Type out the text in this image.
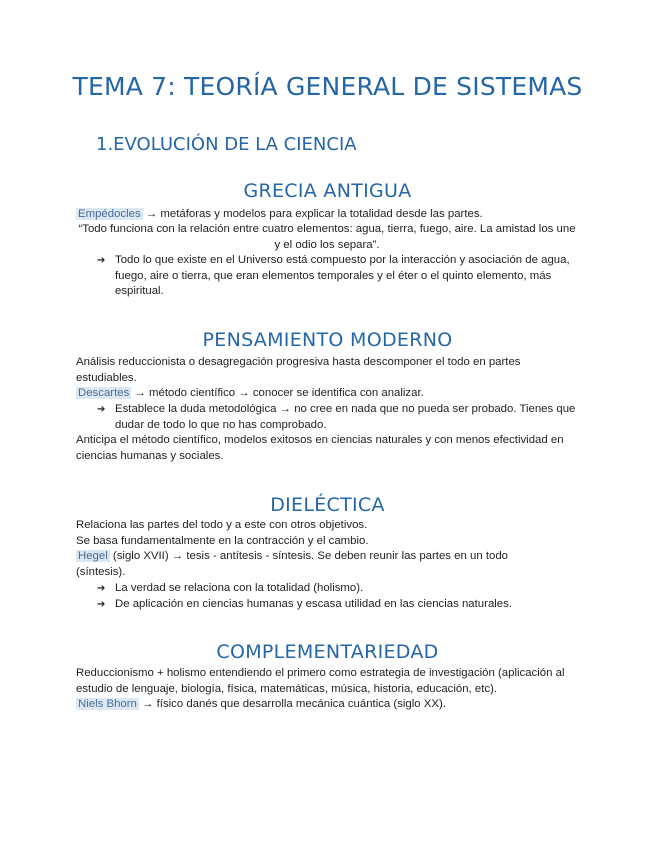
TEMA 7: TEORÍA GENERAL DE SISTEMAS
1.EVOLUCIÓN DE LA CIENCIA
GRECIA ANTIGUA
Empédocles → metáforas y modelos para explicar la totalidad desde las partes.
“Todo funciona con la relación entre cuatro elementos: agua, tierra, fuego, aire. La amistad los une y el odio los separa”.
➔ Todo lo que existe en el Universo está compuesto por la interacción y asociación de agua, fuego, aire o tierra, que eran elementos temporales y el éter o el quinto elemento, más espiritual.
PENSAMIENTO MODERNO
Análisis reduccionista o desagregación progresiva hasta descomponer el todo en partes estudiables.
Descartes → método científico → conocer se identifica con analizar.
➔ Establece la duda metodológica → no cree en nada que no pueda ser probado. Tienes que dudar de todo lo que no has comprobado.
Anticipa el método científico, modelos exitosos en ciencias naturales y con menos efectividad en ciencias humanas y sociales.
DIELÉCTICA
Relaciona las partes del todo y a este con otros objetivos.
Se basa fundamentalmente en la contracción y el cambio.
Hegel (siglo XVII) → tesis - antítesis - síntesis. Se deben reunir las partes en un todo (síntesis).
➔ La verdad se relaciona con la totalidad (holismo).
➔ De aplicación en ciencias humanas y escasa utilidad en las ciencias naturales.
COMPLEMENTARIEDAD
Reduccionismo + holismo entendiendo el primero como estrategia de investigación (aplicación al estudio de lenguaje, biología, física, matemáticas, música, historia, educación, etc).
Niels Bhorn → físico danés que desarrolla mecánica cuántica (siglo XX).
